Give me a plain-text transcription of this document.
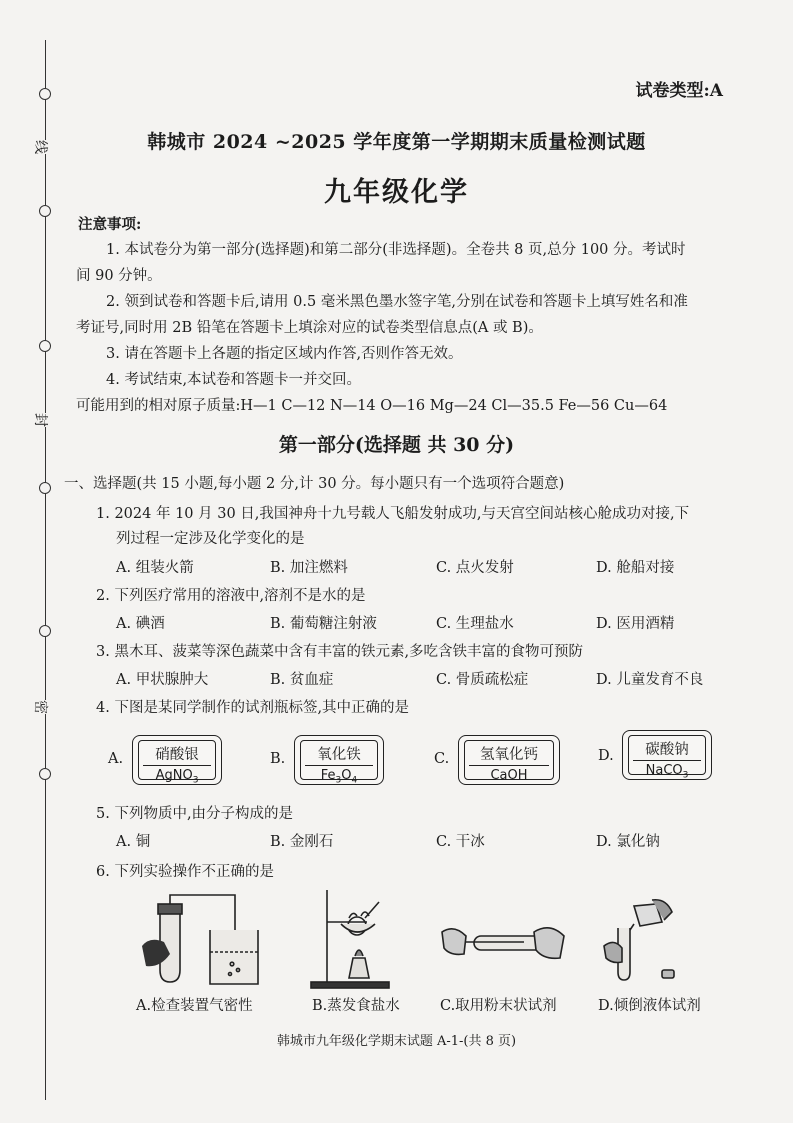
线
封
密
试卷类型:A
韩城市 2024 ~2025 学年度第一学期期末质量检测试题
九年级化学
注意事项:
1. 本试卷分为第一部分(选择题)和第二部分(非选择题)。全卷共 8 页,总分 100 分。考试时
间 90 分钟。
2. 领到试卷和答题卡后,请用 0.5 毫米黑色墨水签字笔,分别在试卷和答题卡上填写姓名和准
考证号,同时用 2B 铅笔在答题卡上填涂对应的试卷类型信息点(A 或 B)。
3. 请在答题卡上各题的指定区域内作答,否则作答无效。
4. 考试结束,本试卷和答题卡一并交回。
可能用到的相对原子质量:H—1 C—12 N—14 O—16 Mg—24 Cl—35.5 Fe—56 Cu—64
第一部分(选择题 共 30 分)
一、选择题(共 15 小题,每小题 2 分,计 30 分。每小题只有一个选项符合题意)
1. 2024 年 10 月 30 日,我国神舟十九号载人飞船发射成功,与天宫空间站核心舱成功对接,下
列过程一定涉及化学变化的是
A. 组装火箭	B. 加注燃料	C. 点火发射	D. 舱船对接
2. 下列医疗常用的溶液中,溶剂不是水的是
A. 碘酒	B. 葡萄糖注射液	C. 生理盐水	D. 医用酒精
3. 黑木耳、菠菜等深色蔬菜中含有丰富的铁元素,多吃含铁丰富的食物可预防
A. 甲状腺肿大	B. 贫血症	C. 骨质疏松症	D. 儿童发育不良
4. 下图是某同学制作的试剂瓶标签,其中正确的是
A.	硝酸银
AgNO$_3$
B.	氧化铁
$Fe_3O_4$
C.	氢氧化钙
CaOH
D.	碳酸钠
NaCO$_3$
5. 下列物质中,由分子构成的是
A. 铜	B. 金刚石	C. 干冰	D. 氯化钠
6. 下列实验操作不正确的是
A.检查装置气密性	B.蒸发食盐水	C.取用粉末状试剂	D.倾倒液体试剂
韩城市九年级化学期末试题 A-1-(共 8 页)
